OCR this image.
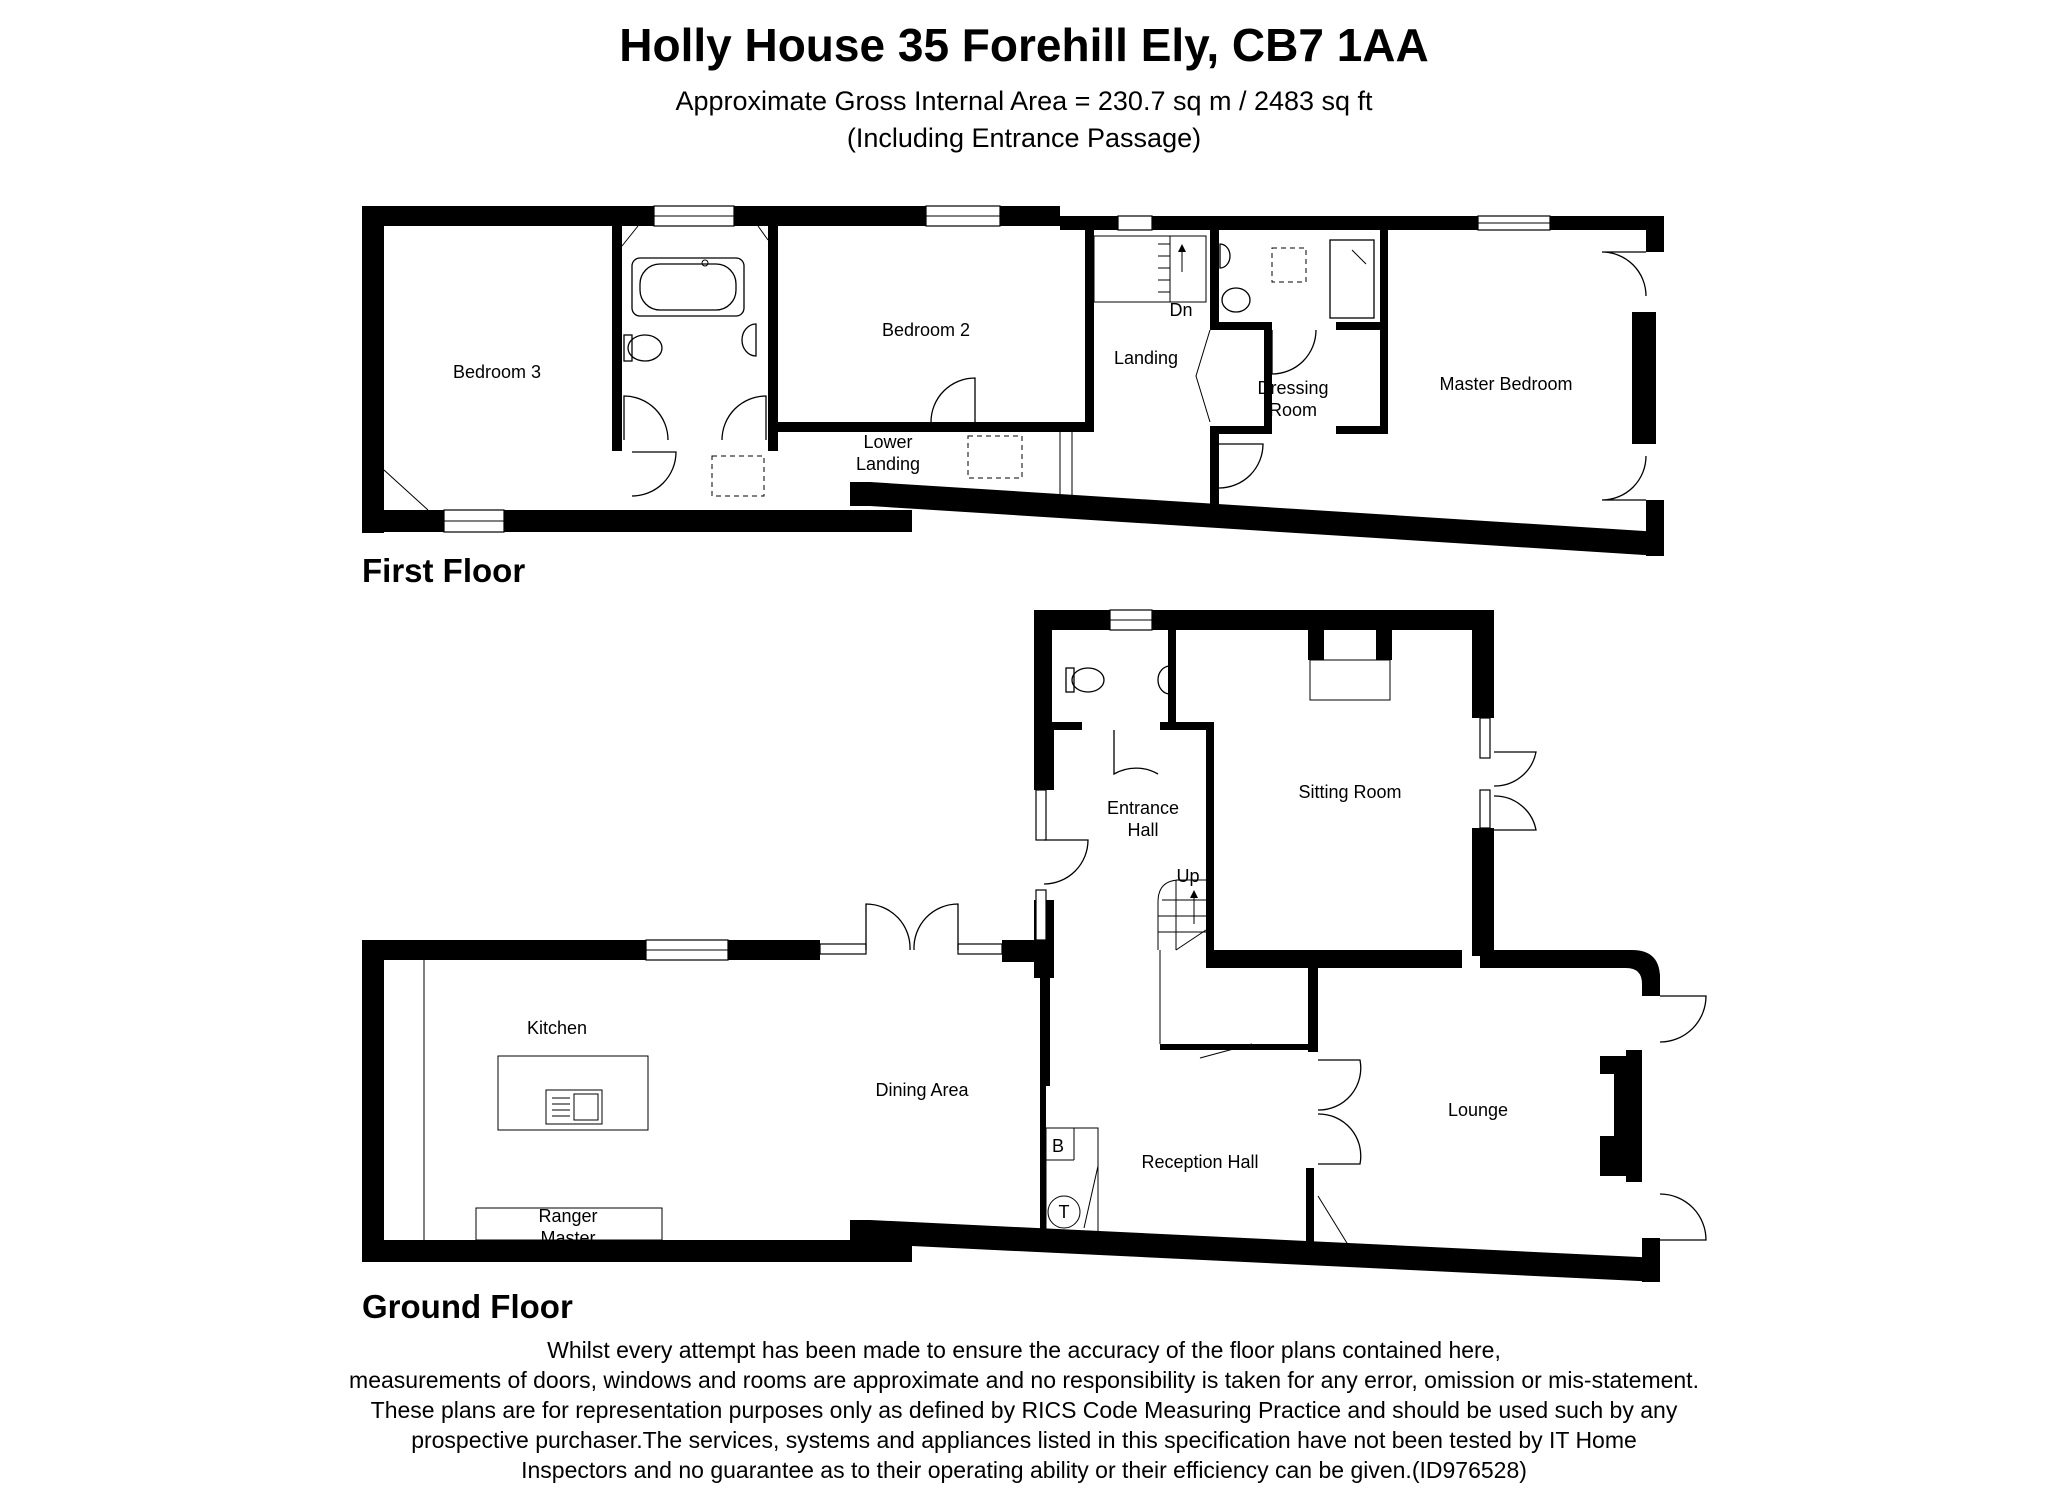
Holly House 35 Forehill Ely, CB7 1AA
Approximate Gross Internal Area = 230.7 sq m / 2483 sq ft
(Including Entrance Passage)
Bedroom 3
Bedroom 2
Landing
Lower
Landing
Dressing
Room
Master Bedroom
Dn
Kitchen
Dining Area
Ranger
Master
Entrance
Hall
Sitting Room
Reception Hall
Lounge
Up
B
T
First Floor
Ground Floor
Whilst every attempt has been made to ensure the accuracy of the floor plans contained here,
measurements of doors, windows and rooms are approximate and no responsibility is taken for any error, omission or mis-statement.
These plans are for representation purposes only as defined by RICS Code Measuring Practice and should be used such by any
prospective purchaser.The services, systems and appliances listed in this specification have not been tested by IT Home
Inspectors and no guarantee as to their operating ability or their efficiency can be given.(ID976528)
